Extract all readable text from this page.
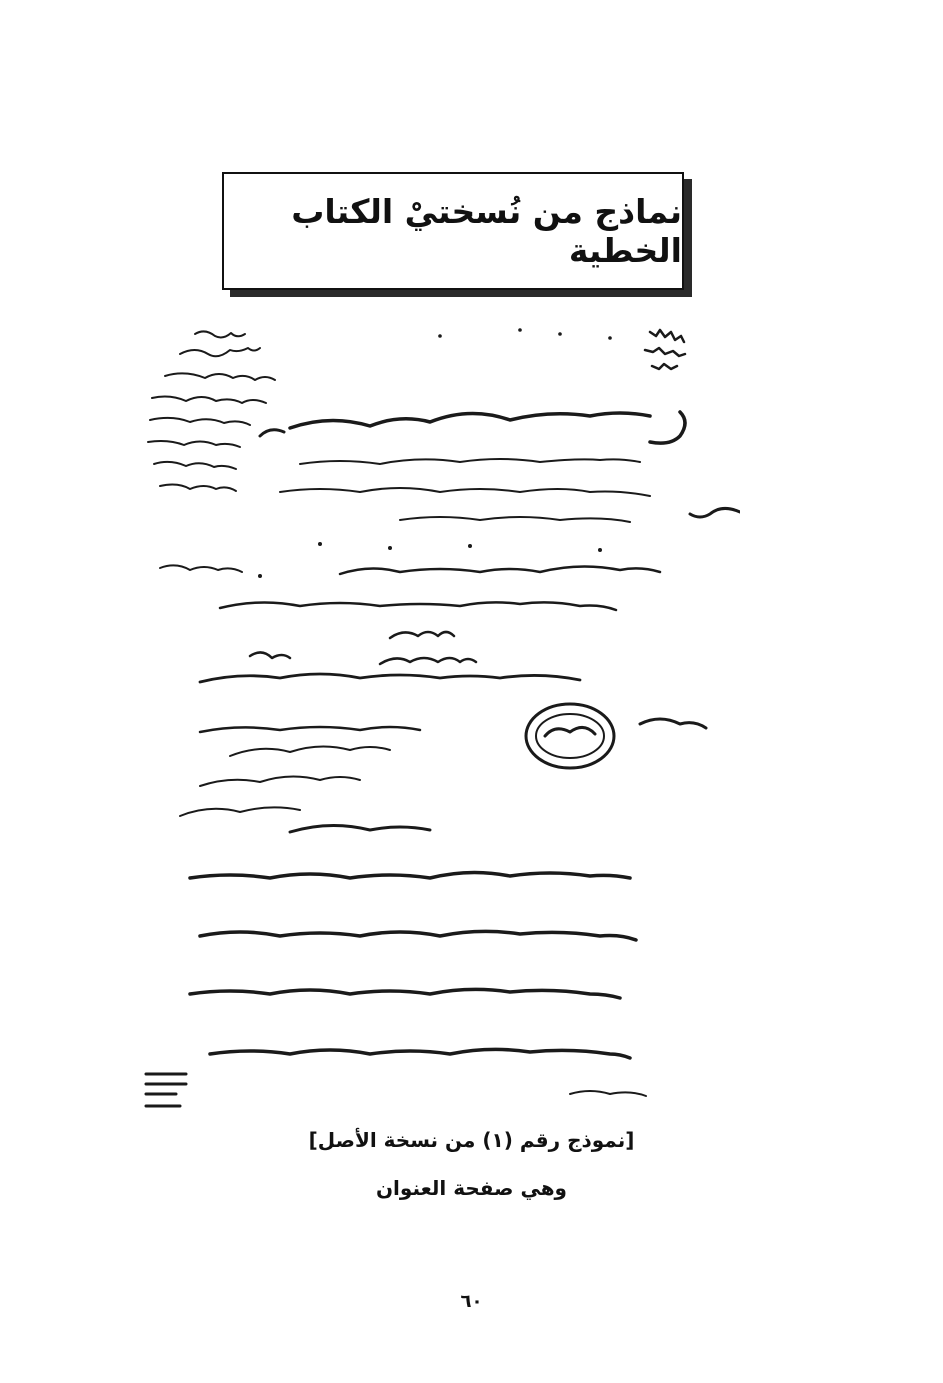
نماذج من نُسختيْ الكتاب الخطية
[نموذج رقم (١) من نسخة الأصل]
وهي صفحة العنوان
٦٠
